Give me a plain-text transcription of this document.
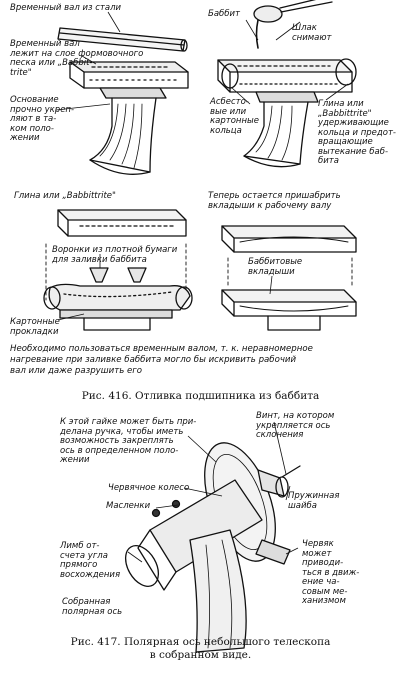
Временный вал из стали
Временный вал
лежит на слое формовочного
песка или „Baбbit-
trite"
Основание
прочно укреп-
ляют в та-
ком поло-
жении
Баббит
Шлак
снимают
Асбесто-
вые или
картонные
кольца
Глина или
„Babbittrite"
удерживающие
кольца и предот-
вращающие
вытекание баб-
бита
Глина или „Babbittrite"
Воронки из плотной бумаги
для заливки баббита
Картонные
прокладки
Теперь остается пришабрить
вкладыши к рабочему валу
Баббитовые
вкладыши
Необходимо пользоваться временным валом, т. к. неравномерное
нагревание при заливке баббита могло бы искривить рабочий
вал или даже разрушить его
Рис. 416. Отливка подшипника из баббита
К этой гайке может быть при-
делана ручка, чтобы иметь
возможность закреплять
ось в определенном поло-
жении
Винт, на котором
укрепляется ось
склонения
Червячное колесо
Масленки
Пружинная
шайба
Червяк
может
приводи-
ться в движ-
ение ча-
совым ме-
ханизмом
Лимб от-
счета угла
прямого
восхождения
Собранная
полярная ось
Рис. 417. Полярная ось небольшого телескопа
в собранном виде.
